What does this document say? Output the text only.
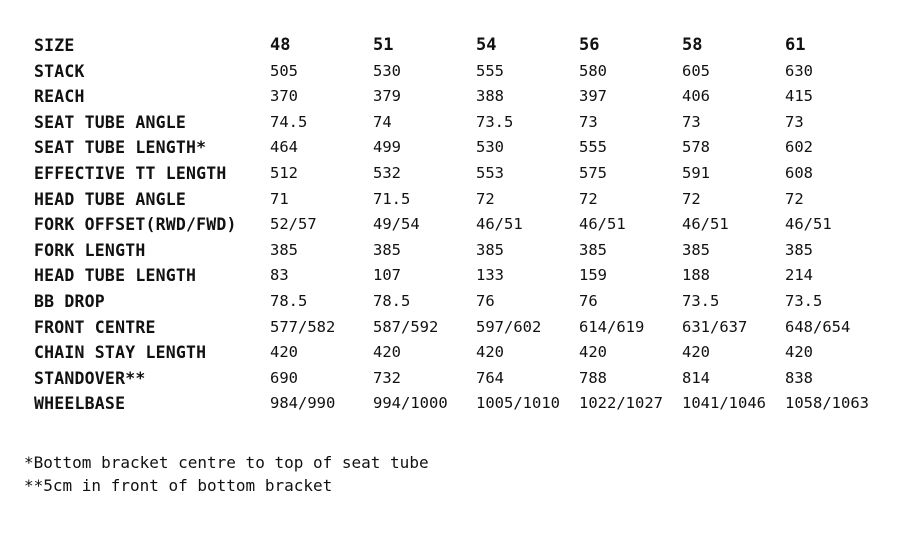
SIZE	48	51	54	56	58	61
STACK	505	530	555	580	605	630
REACH	370	379	388	397	406	415
SEAT TUBE ANGLE	74.5	74	73.5	73	73	73
SEAT TUBE LENGTH*	464	499	530	555	578	602
EFFECTIVE TT LENGTH	512	532	553	575	591	608
HEAD TUBE ANGLE	71	71.5	72	72	72	72
FORK OFFSET(RWD/FWD)	52/57	49/54	46/51	46/51	46/51	46/51
FORK LENGTH	385	385	385	385	385	385
HEAD TUBE LENGTH	83	107	133	159	188	214
BB DROP	78.5	78.5	76	76	73.5	73.5
FRONT CENTRE	577/582	587/592	597/602	614/619	631/637	648/654
CHAIN STAY LENGTH	420	420	420	420	420	420
STANDOVER**	690	732	764	788	814	838
WHEELBASE	984/990	994/1000	1005/1010	1022/1027	1041/1046	1058/1063
*Bottom bracket centre to top of seat tube
**5cm in front of bottom bracket
